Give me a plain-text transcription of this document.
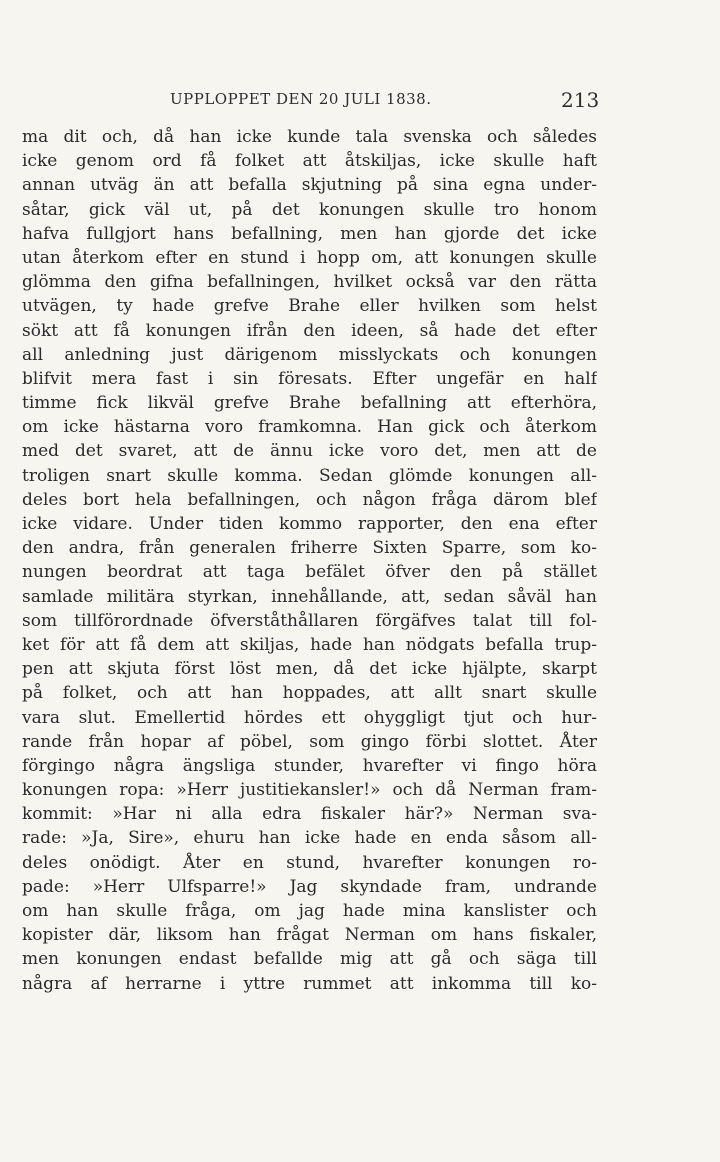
UPPLOPPET DEN 20 JULI 1838.	213
ma dit och, då han icke kunde tala svenska och således
icke genom ord få folket att åtskiljas, icke skulle haft
annan utväg än att befalla skjutning på sina egna under-
såtar, gick väl ut, på det konungen skulle tro honom
hafva fullgjort hans befallning, men han gjorde det icke
utan återkom efter en stund i hopp om, att konungen skulle
glömma den gifna befallningen, hvilket också var den rätta
utvägen, ty hade grefve Brahe eller hvilken som helst
sökt att få konungen ifrån den ideen, så hade det efter
all anledning just därigenom misslyckats och konungen
blifvit mera fast i sin föresats. Efter ungefär en half
timme fick likväl grefve Brahe befallning att efterhöra,
om icke hästarna voro framkomna. Han gick och återkom
med det svaret, att de ännu icke voro det, men att de
troligen snart skulle komma. Sedan glömde konungen all-
deles bort hela befallningen, och någon fråga därom blef
icke vidare. Under tiden kommo rapporter, den ena efter
den andra, från generalen friherre Sixten Sparre, som ko-
nungen beordrat att taga befälet öfver den på stället
samlade militära styrkan, innehållande, att, sedan såväl han
som tillförordnade öfverståthållaren förgäfves talat till fol-
ket för att få dem att skiljas, hade han nödgats befalla trup-
pen att skjuta först löst men, då det icke hjälpte, skarpt
på folket, och att han hoppades, att allt snart skulle
vara slut. Emellertid hördes ett ohyggligt tjut och hur-
rande från hopar af pöbel, som gingo förbi slottet. Åter
förgingo några ängsliga stunder, hvarefter vi fingo höra
konungen ropa: »Herr justitiekansler!» och då Nerman fram-
kommit: »Har ni alla edra fiskaler här?» Nerman sva-
rade: »Ja, Sire», ehuru han icke hade en enda såsom all-
deles onödigt. Åter en stund, hvarefter konungen ro-
pade: »Herr Ulfsparre!» Jag skyndade fram, undrande
om han skulle fråga, om jag hade mina kanslister och
kopister där, liksom han frågat Nerman om hans fiskaler,
men konungen endast befallde mig att gå och säga till
några af herrarne i yttre rummet att inkomma till ko-
